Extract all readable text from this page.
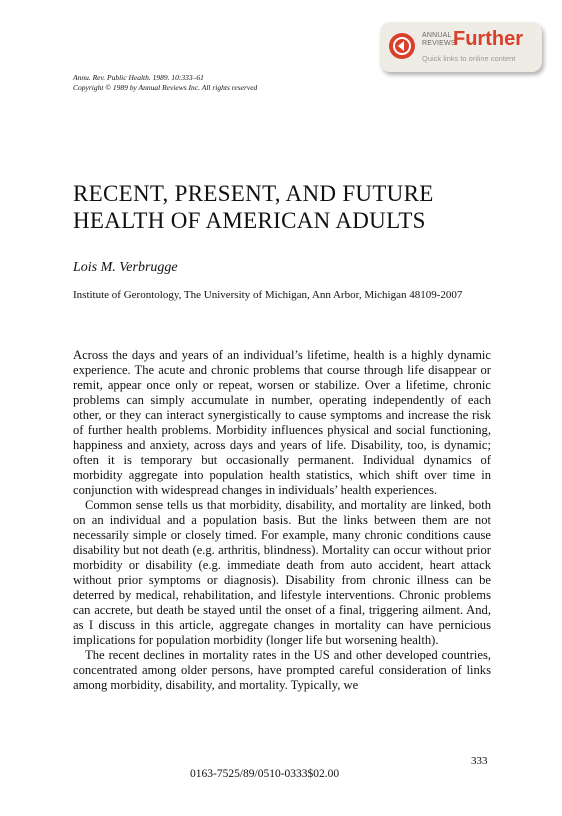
ANNUAL
REVIEWS
Further
Quick links to online content
Annu. Rev. Public Health. 1989. 10:333–61
Copyright © 1989 by Annual Reviews Inc. All rights reserved
RECENT, PRESENT, AND FUTURE
HEALTH OF AMERICAN ADULTS
Lois M. Verbrugge
Institute of Gerontology, The University of Michigan, Ann Arbor, Michigan 48109-2007

Across the days and years of an individual’s lifetime, health is a highly dynamic experience. The acute and chronic problems that course through life disappear or remit, appear once only or repeat, worsen or stabilize. Over a lifetime, chronic problems can simply accumulate in number, operating independently of each other, or they can interact synergistically to cause symptoms and increase the risk of further health problems. Morbidity influences physical and social functioning, happiness and anxiety, across days and years of life. Disability, too, is dynamic; often it is temporary but occasionally permanent. Individual dynamics of morbidity aggregate into population health statistics, which shift over time in conjunction with widespread changes in individuals’ health experiences.

Common sense tells us that morbidity, disability, and mortality are linked, both on an individual and a population basis. But the links between them are not necessarily simple or closely timed. For example, many chronic conditions cause disability but not death (e.g. arthritis, blindness). Mortality can occur without prior morbidity or disability (e.g. immediate death from auto accident, heart attack without prior symptoms or diagnosis). Disability from chronic illness can be deterred by medical, rehabilitation, and lifestyle interventions. Chronic problems can accrete, but death be stayed until the onset of a final, triggering ailment. And, as I discuss in this article, aggregate changes in mortality can have pernicious implications for population morbidity (longer life but worsening health).

The recent declines in mortality rates in the US and other developed countries, concentrated among older persons, have prompted careful consideration of links among morbidity, disability, and mortality. Typically, we

333
0163-7525/89/0510-0333$02.00
